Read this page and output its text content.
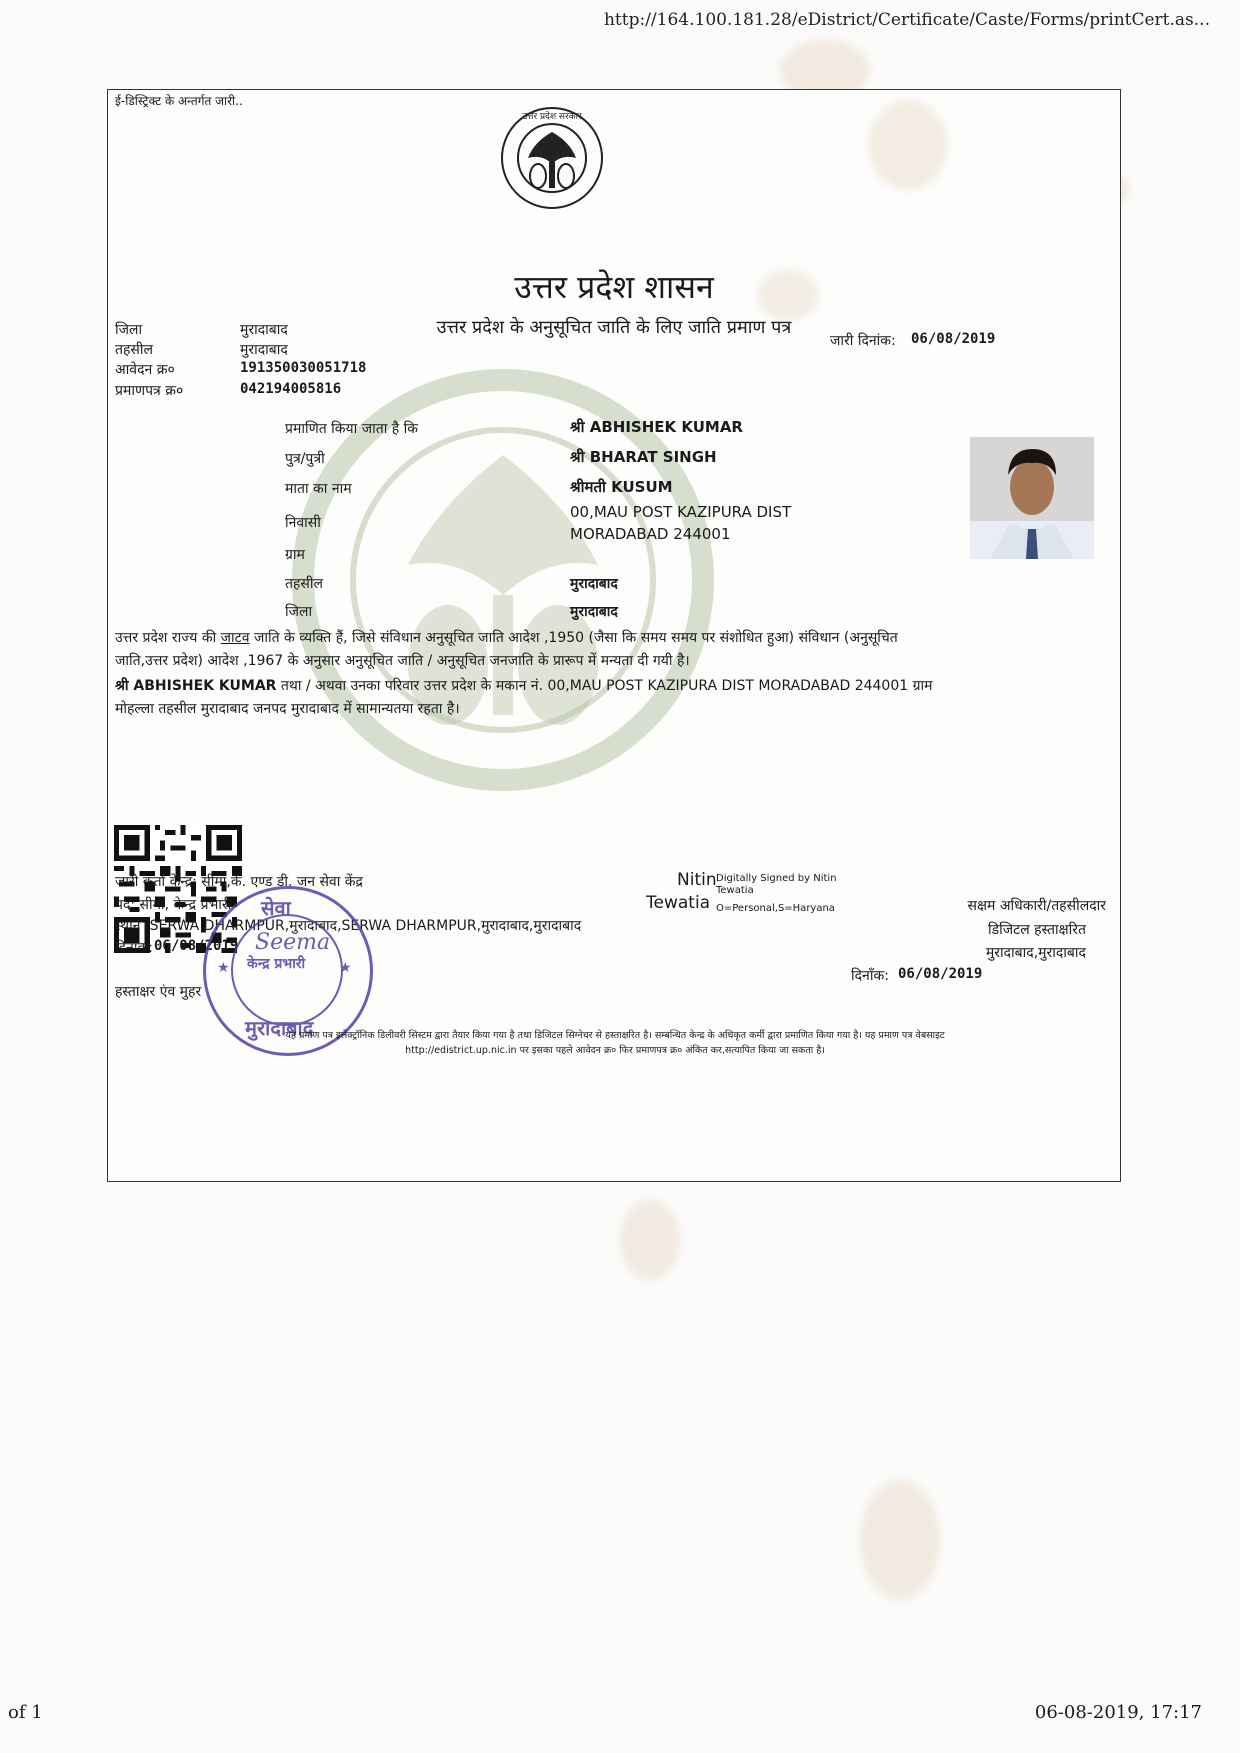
http://164.100.181.28/eDistrict/Certificate/Caste/Forms/printCert.as...
of 1	06-08-2019, 17:17
ई-डिस्ट्रिक्ट के अन्तर्गत जारी..
उत्तर प्रदेश सरकार
उत्तर प्रदेश शासन
उत्तर प्रदेश के अनुसूचित जाति के लिए जाति प्रमाण पत्र
जिला	मुरादाबाद
तहसील	मुरादाबाद
आवेदन क्र०	191350030051718
प्रमाणपत्र क्र०	042194005816
जारी दिनांक: 06/08/2019
प्रमाणित किया जाता है कि	श्री ABHISHEK KUMAR
पुत्र/पुत्री	श्री BHARAT SINGH
माता का नाम	श्रीमती KUSUM
निवासी
00,MAU POST KAZIPURA DIST
MORADABAD 244001
ग्राम
तहसील	मुरादाबाद
जिला	मुरादाबाद
उत्तर प्रदेश राज्य की जाटव जाति के व्यक्ति हैं, जिसे संविधान अनुसूचित जाति आदेश ,1950 (जैसा कि समय समय पर संशोधित हुआ) संविधान (अनुसूचित
जाति,उत्तर प्रदेश) आदेश ,1967 के अनुसार अनुसूचित जाति / अनुसूचित जनजाति के प्रारूप में मन्यता दी गयी है।
श्री ABHISHEK KUMAR तथा / अथवा उनका परिवार उत्तर प्रदेश के मकान नं. 00,MAU POST KAZIPURA DIST MORADABAD 244001 ग्राम
मोहल्ला तहसील मुरादाबाद जनपद मुरादाबाद में सामान्यतया रहता है।
जारी कर्ता केन्द्र: सीमा,के. एण्ड डी. जन सेवा केंद्र
पद: सीमा, केन्द्र प्रभारी
स्थान :SERWA DHARMPUR,मुरादाबाद,SERWA DHARMPUR,मुरादाबाद,मुरादाबाद
दिनाँक: 06/08/2019
हस्ताक्षर एंव मुहर
Nitin
Tewatia
Digitally Signed by Nitin
Tewatia
O=Personal,S=Haryana	सक्षम अधिकारी/तहसीलदार
डिजिटल हस्ताक्षरित
मुरादाबाद,मुरादाबाद
दिनाँक: 06/08/2019
सेवा
केन्द्र प्रभारी
Seema
मुरादाबाद
★	★
यह प्रमाण पत्र इलेक्ट्रॉनिक डिलीवरी सिस्टम द्वारा तैयार किया गया है तथा डिजिटल सिग्नेचर से हस्ताक्षरित है। सम्बन्धित केन्द्र के अधिकृत कर्मी द्वारा प्रमाणित किया गया है। यह प्रमाण पत्र वेबसाइट
http://edistrict.up.nic.in पर इसका पहले आवेदन क्र० फिर प्रमाणपत्र क्र० अंकित कर,सत्यापित किया जा सकता है।
